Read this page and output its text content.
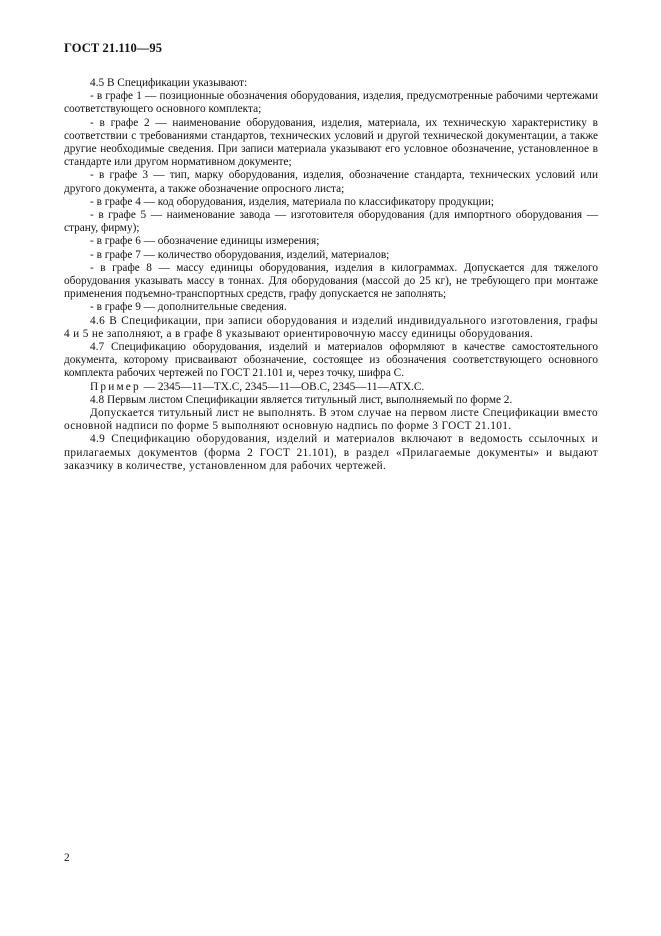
ГОСТ 21.110—95

4.5 В Спецификации указывают:

- в графе 1 — позиционные обозначения оборудования, изделия, предусмотренные рабочими чертежами соответствующего основного комплекта;

- в графе 2 — наименование оборудования, изделия, материала, их техническую характеристику в соответствии с требованиями стандартов, технических условий и другой технической документации, а также другие необходимые сведения. При записи материала указывают его условное обозначение, установленное в стандарте или другом нормативном документе;

- в графе 3 — тип, марку оборудования, изделия, обозначение стандарта, технических условий или другого документа, а также обозначение опросного листа;

- в графе 4 — код оборудования, изделия, материала по классификатору продукции;

- в графе 5 — наименование завода — изготовителя оборудования (для импортного оборудования — страну, фирму);

- в графе 6 — обозначение единицы измерения;

- в графе 7 — количество оборудования, изделий, материалов;

- в графе 8 — массу единицы оборудования, изделия в килограммах. Допускается для тяжелого оборудования указывать массу в тоннах. Для оборудования (массой до 25 кг), не требующего при монтаже применения подъемно-транспортных средств, графу допускается не заполнять;

- в графе 9 — дополнительные сведения.

4.6 В Спецификации, при записи оборудования и изделий индивидуального изготовления, графы 4 и 5 не заполняют, а в графе 8 указывают ориентировочную массу единицы оборудования.

4.7 Спецификацию оборудования, изделий и материалов оформляют в качестве самостоятельного документа, которому присваивают обозначение, состоящее из обозначения соответствующего основного комплекта рабочих чертежей по ГОСТ 21.101 и, через точку, шифра С.

Пример — 2345—11—ТХ.С, 2345—11—ОВ.С, 2345—11—АТХ.С.

4.8 Первым листом Спецификации является титульный лист, выполняемый по форме 2.

Допускается титульный лист не выполнять. В этом случае на первом листе Спецификации вместо основной надписи по форме 5 выполняют основную надпись по форме 3 ГОСТ 21.101.

4.9 Спецификацию оборудования, изделий и материалов включают в ведомость ссылочных и прилагаемых документов (форма 2 ГОСТ 21.101), в раздел «Прилагаемые документы» и выдают заказчику в количестве, установленном для рабочих чертежей.

2
